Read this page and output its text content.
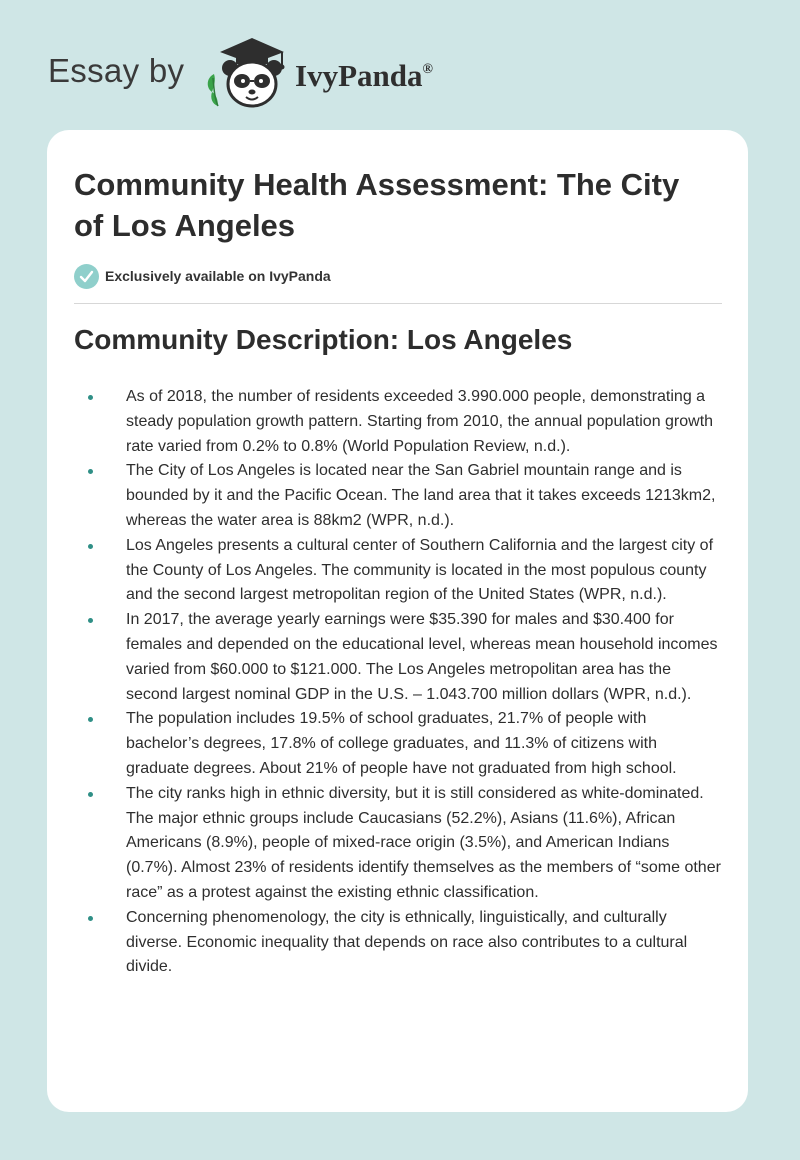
Essay by	IvyPanda®
Community Health Assessment: The City of Los Angeles
Exclusively available on IvyPanda
Community Description: Los Angeles
As of 2018, the number of residents exceeded 3.990.000 people, demonstrating a steady population growth pattern. Starting from 2010, the annual population growth rate varied from 0.2% to 0.8% (World Population Review, n.d.).
The City of Los Angeles is located near the San Gabriel mountain range and is bounded by it and the Pacific Ocean. The land area that it takes exceeds 1213km2, whereas the water area is 88km2 (WPR, n.d.).
Los Angeles presents a cultural center of Southern California and the largest city of the County of Los Angeles. The community is located in the most populous county and the second largest metropolitan region of the United States (WPR, n.d.).
In 2017, the average yearly earnings were $35.390 for males and $30.400 for females and depended on the educational level, whereas mean household incomes varied from $60.000 to $121.000. The Los Angeles metropolitan area has the second largest nominal GDP in the U.S. – 1.043.700 million dollars (WPR, n.d.).
The population includes 19.5% of school graduates, 21.7% of people with bachelor’s degrees, 17.8% of college graduates, and 11.3% of citizens with graduate degrees. About 21% of people have not graduated from high school.
The city ranks high in ethnic diversity, but it is still considered as white-dominated. The major ethnic groups include Caucasians (52.2%), Asians (11.6%), African Americans (8.9%), people of mixed-race origin (3.5%), and American Indians (0.7%). Almost 23% of residents identify themselves as the members of “some other race” as a protest against the existing ethnic classification.
Concerning phenomenology, the city is ethnically, linguistically, and culturally diverse. Economic inequality that depends on race also contributes to a cultural divide.
